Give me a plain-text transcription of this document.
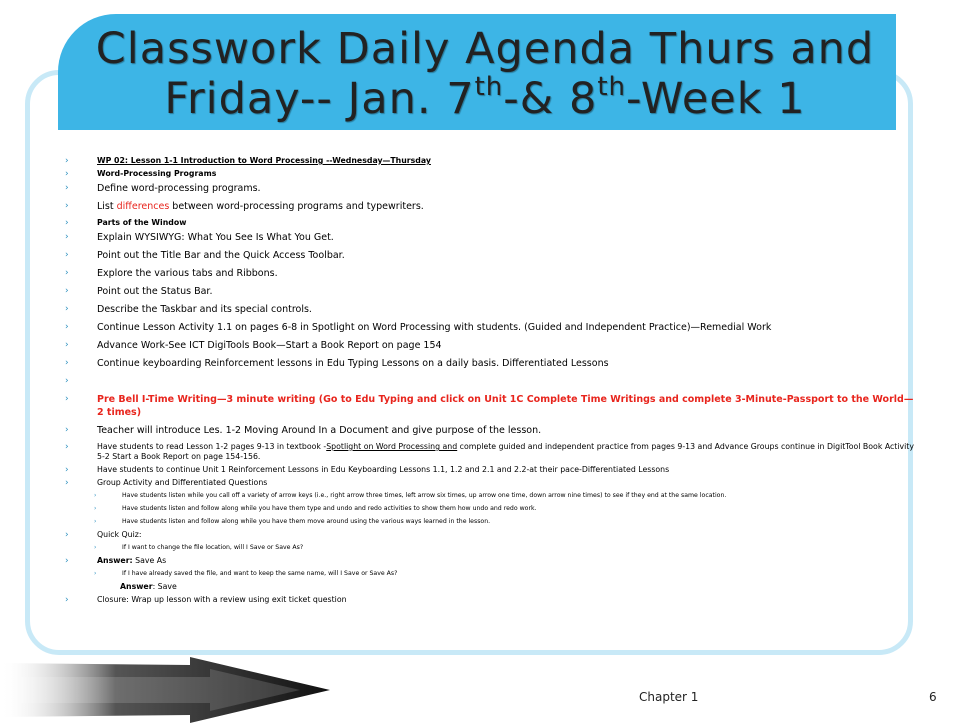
Classwork Daily Agenda Thurs and Friday-- Jan. 7th-& 8th-Week 1
›	WP 02: Lesson 1-1 Introduction to Word Processing --Wednesday—Thursday
›	Word-Processing Programs
›	Define word-processing programs.
›	List differences between word-processing programs and typewriters.
›	Parts of the Window
›	Explain WYSIWYG: What You See Is What You Get.
›	Point out the Title Bar and the Quick Access Toolbar.
›	Explore the various tabs and Ribbons.
›	Point out the Status Bar.
›	Describe the Taskbar and its special controls.
›	Continue Lesson Activity 1.1 on pages 6-8 in Spotlight on Word Processing with students. (Guided and Independent Practice)—Remedial Work
›	Advance Work-See ICT DigiTools Book—Start a Book Report on page 154
›	Continue keyboarding Reinforcement lessons in Edu Typing Lessons on a daily basis. Differentiated Lessons
›

›	Pre Bell I-Time Writing—3 minute writing (Go to Edu Typing and click on Unit 1C Complete Time Writings and complete 3-Minute-Passport to the World—2 times)
›	Teacher will introduce Les. 1-2 Moving Around In a Document and give purpose of the lesson.
›	Have students to read Lesson 1-2 pages 9-13 in textbook -Spotlight on Word Processing and complete guided and independent practice from pages 9-13 and Advance Groups continue in DigitTool Book Activity 5-2 Start a Book Report on page 154-156.
›	Have students to continue Unit 1 Reinforcement Lessons in Edu Keyboarding Lessons 1.1, 1.2 and 2.1 and 2.2-at their pace-Differentiated Lessons
›	Group Activity and Differentiated Questions
›	Have students listen while you call off a variety of arrow keys (i.e., right arrow three times, left arrow six times, up arrow one time, down arrow nine times) to see if they end at the same location.
›	Have students listen and follow along while you have them type and undo and redo activities to show them how undo and redo work.
›	Have students listen and follow along while you have them move around using the various ways learned in the lesson.
›	Quick Quiz:
›	If I want to change the file location, will I Save or Save As?
›	Answer: Save As
›	If I have already saved the file, and want to keep the same name, will I Save or Save As?
Answer: Save
›	Closure: Wrap up lesson with a review using exit ticket question
Chapter 1	6
